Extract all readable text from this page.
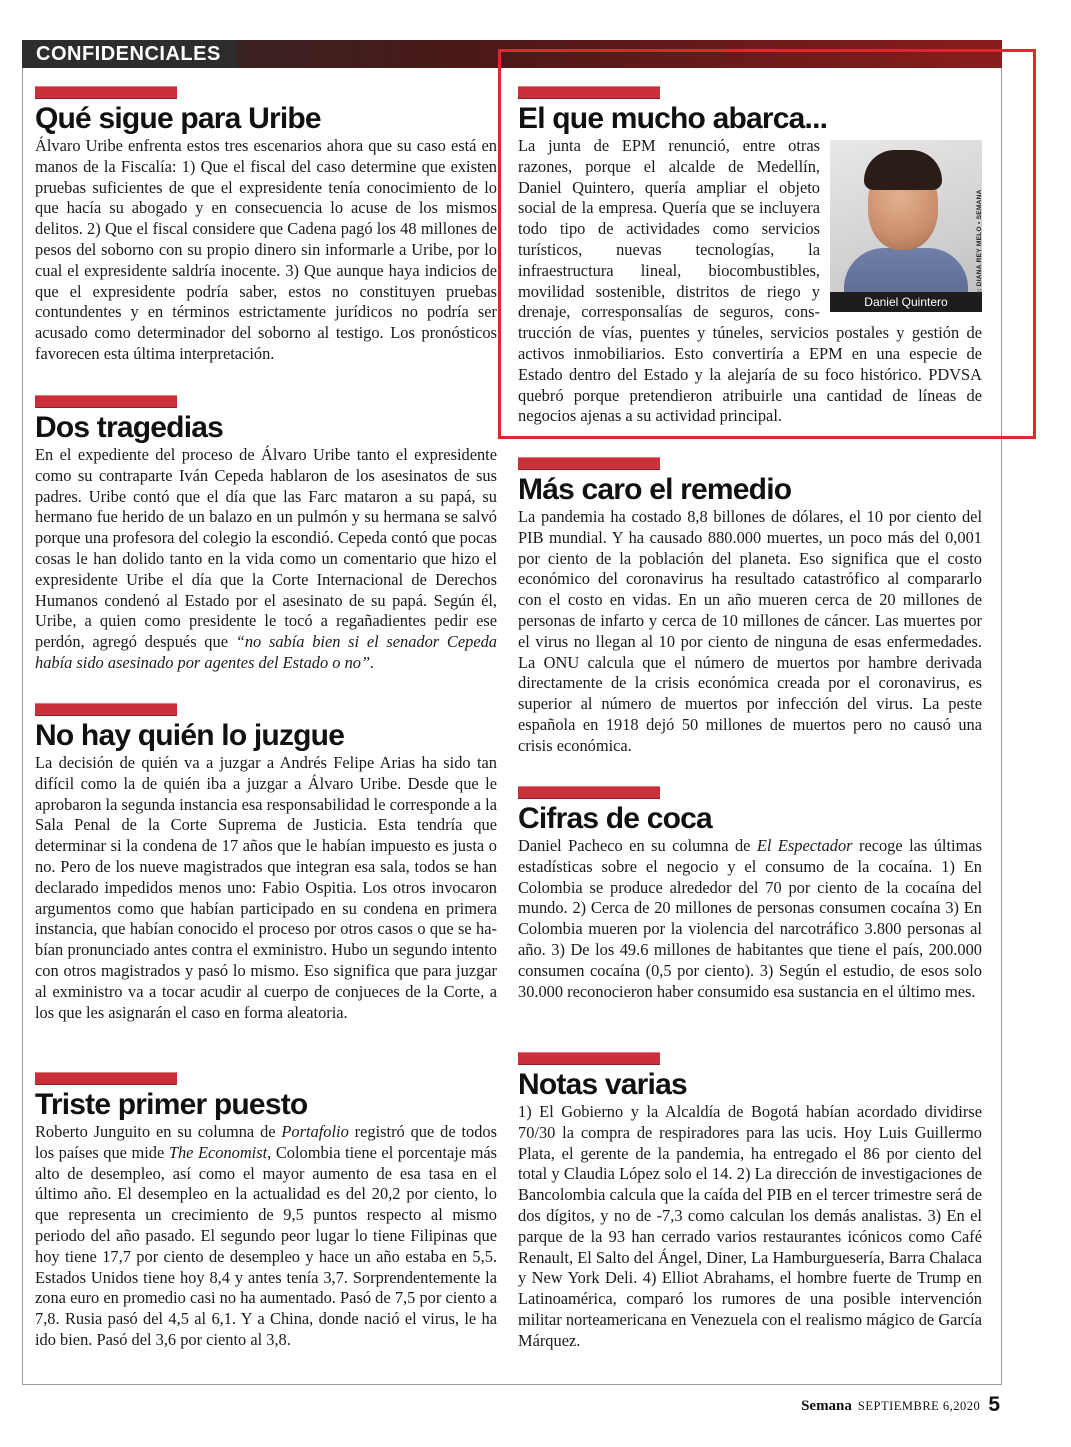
CONFIDENCIALES
Qué sigue para Uribe

Álvaro Uribe enfrenta estos tres escenarios ahora que su caso está en manos de la Fiscalía: 1) Que el fiscal del caso determine que existen pruebas suficientes de que el expresidente tenía conocimiento de lo que hacía su abogado y en consecuencia lo acuse de los mismos delitos. 2) Que el fiscal considere que Cadena pagó los 48 millones de pesos del soborno con su propio dinero sin informarle a Uribe, por lo cual el expresidente saldría inocente. 3) Que aunque haya indicios de que el expresidente podría saber, estos no constituyen pruebas contundentes y en términos estrictamente jurídicos no podría ser acusado como determinador del soborno al testigo. Los pronósticos favorecen esta última interpretación.

Dos tragedias

En el expediente del proceso de Álvaro Uribe tanto el expresidente como su contraparte Iván Cepeda hablaron de los asesinatos de sus padres. Uribe contó que el día que las Farc mataron a su papá, su hermano fue herido de un balazo en un pulmón y su hermana se salvó porque una profesora del colegio la escondió. Cepeda contó que pocas cosas le han dolido tanto en la vida como un comentario que hizo el expresidente Uribe el día que la Corte Internacional de Derechos Humanos condenó al Estado por el asesinato de su papá. Según él, Uribe, a quien como presidente le tocó a regañadientes pedir ese perdón, agregó después que “no sabía bien si el senador Cepeda había sido asesinado por agentes del Estado o no”.

No hay quién lo juzgue

La decisión de quién va a juzgar a Andrés Felipe Arias ha sido tan difícil como la de quién iba a juzgar a Álvaro Uribe. Desde que le aprobaron la segunda instancia esa responsabilidad le corresponde a la Sala Penal de la Corte Suprema de Justicia. Esta tendría que determinar si la condena de 17 años que le habían impuesto es justa o no. Pero de los nueve magistrados que integran esa sala, todos se han declarado impedidos menos uno: Fabio Ospitia. Los otros invocaron argumentos como que habían participado en su condena en primera instancia, que habían conocido el proceso por otros casos o que se habían pronunciado antes contra el exministro. Hubo un segundo intento con otros magistrados y pasó lo mismo. Eso significa que para juzgar al exministro va a tocar acudir al cuerpo de conjueces de la Corte, a los que les asignarán el caso en forma aleatoria.

Triste primer puesto

Roberto Junguito en su columna de Portafolio registró que de todos los países que mide The Economist, Colombia tiene el porcentaje más alto de desempleo, así como el mayor aumento de esa tasa en el último año. El desempleo en la actualidad es del 20,2 por ciento, lo que representa un crecimiento de 9,5 puntos respecto al mismo periodo del año pasado. El segundo peor lugar lo tiene Filipinas que hoy tiene 17,7 por ciento de desempleo y hace un año estaba en 5,5. Estados Unidos tiene hoy 8,4 y antes tenía 3,7. Sorprendentemente la zona euro en promedio casi no ha aumentado. Pasó de 7,5 por ciento a 7,8. Rusia pasó del 4,5 al 6,1. Y a China, donde nació el virus, le ha ido bien. Pasó del 3,6 por ciento al 3,8.

El que mucho abarca...
Daniel Quintero

La junta de EPM renunció, entre otras razones, porque el alcalde de Medellín, Daniel Quintero, quería ampliar el objeto social de la empresa. Quería que se incluyera todo tipo de actividades como servicios turísticos, nuevas tecnologías, la infraestructura lineal, biocombustibles, movilidad sostenible, distritos de riego y drenaje, corresponsalías de seguros, construcción de vías, puentes y túneles, servicios postales y gestión de activos inmobiliarios. Esto convertiría a EPM en una especie de Estado dentro del Estado y la alejaría de su foco histórico. PDVSA quebró porque pretendieron atribuirle una cantidad de líneas de negocios ajenas a su actividad principal.

FOTO: DIANA REY MELO • SEMANA
Más caro el remedio

La pandemia ha costado 8,8 billones de dólares, el 10 por ciento del PIB mundial. Y ha causado 880.000 muertes, un poco más del 0,001 por ciento de la población del planeta. Eso significa que el costo económico del coronavirus ha resultado catastrófico al compararlo con el costo en vidas. En un año mueren cerca de 20 millones de personas de infarto y cerca de 10 millones de cáncer. Las muertes por el virus no llegan al 10 por ciento de ninguna de esas enfermedades. La ONU calcula que el número de muertos por hambre derivada directamente de la crisis económica creada por el coronavirus, es superior al número de muertos por infección del virus. La peste española en 1918 dejó 50 millones de muertos pero no causó una crisis económica.

Cifras de coca

Daniel Pacheco en su columna de El Espectador recoge las últimas estadísticas sobre el negocio y el consumo de la cocaína. 1) En Colombia se produce alrededor del 70 por ciento de la cocaína del mundo. 2) Cerca de 20 millones de personas consumen cocaína 3) En Colombia mueren por la violencia del narcotráfico 3.800 personas al año. 3) De los 49.6 millones de habitantes que tiene el país, 200.000 consumen cocaína (0,5 por ciento). 3) Según el estudio, de esos solo 30.000 reconocieron haber consumido esa sustancia en el último mes.

Notas varias

1) El Gobierno y la Alcaldía de Bogotá habían acordado dividirse 70/30 la compra de respiradores para las ucis. Hoy Luis Guillermo Plata, el gerente de la pandemia, ha entregado el 86 por ciento del total y Claudia López solo el 14. 2) La dirección de investigaciones de Bancolombia calcula que la caída del PIB en el tercer trimestre será de dos dígitos, y no de -7,3 como calculan los demás analistas. 3) En el parque de la 93 han cerrado varios restaurantes icónicos como Café Renault, El Salto del Ángel, Diner, La Hamburguesería, Barra Chalaca y New York Deli. 4) Elliot Abrahams, el hombre fuerte de Trump en Latinoamérica, comparó los rumores de una posible intervención militar norteamericana en Venezuela con el realismo mágico de García Márquez.

Semana SEPTIEMBRE 6,2020 5
